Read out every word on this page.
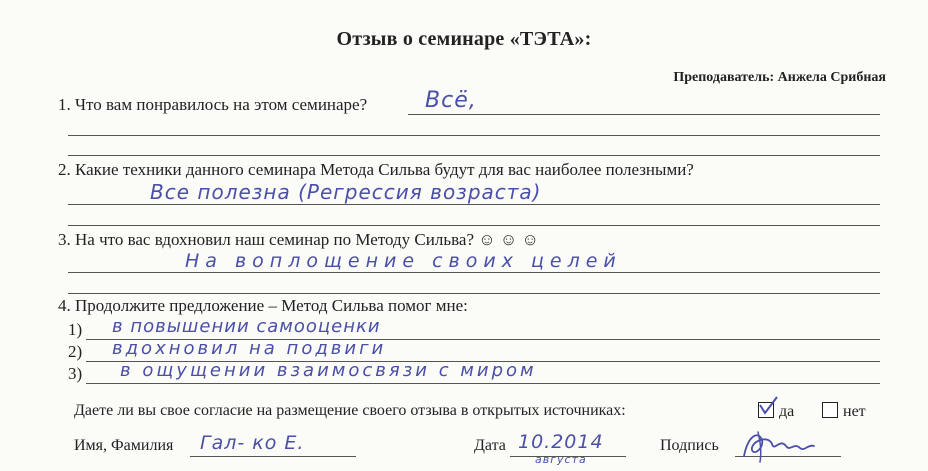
Отзыв о семинаре «ТЭТА»:
Преподаватель: Анжела Срибная
1. Что вам понравилось на этом семинаре?	Всё,
2. Какие техники данного семинара Метода Сильва будут для вас наиболее полезными?
Все полезна (Регрессия возраста)
3. На что вас вдохновил наш семинар по Методу Сильва? ☺ ☺ ☺
На воплощение своих целей
4. Продолжите предложение – Метод Сильва помог мне:
1) в повышении самооценки
2) вдохновил на подвиги
3) в ощущении взаимосвязи с миром
Даете ли вы свое согласие на размещение своего отзыва в открытых источниках:	да	нет
Имя, Фамилия Гал- ко Е.	Дата 10.2014
августа
Подпись
